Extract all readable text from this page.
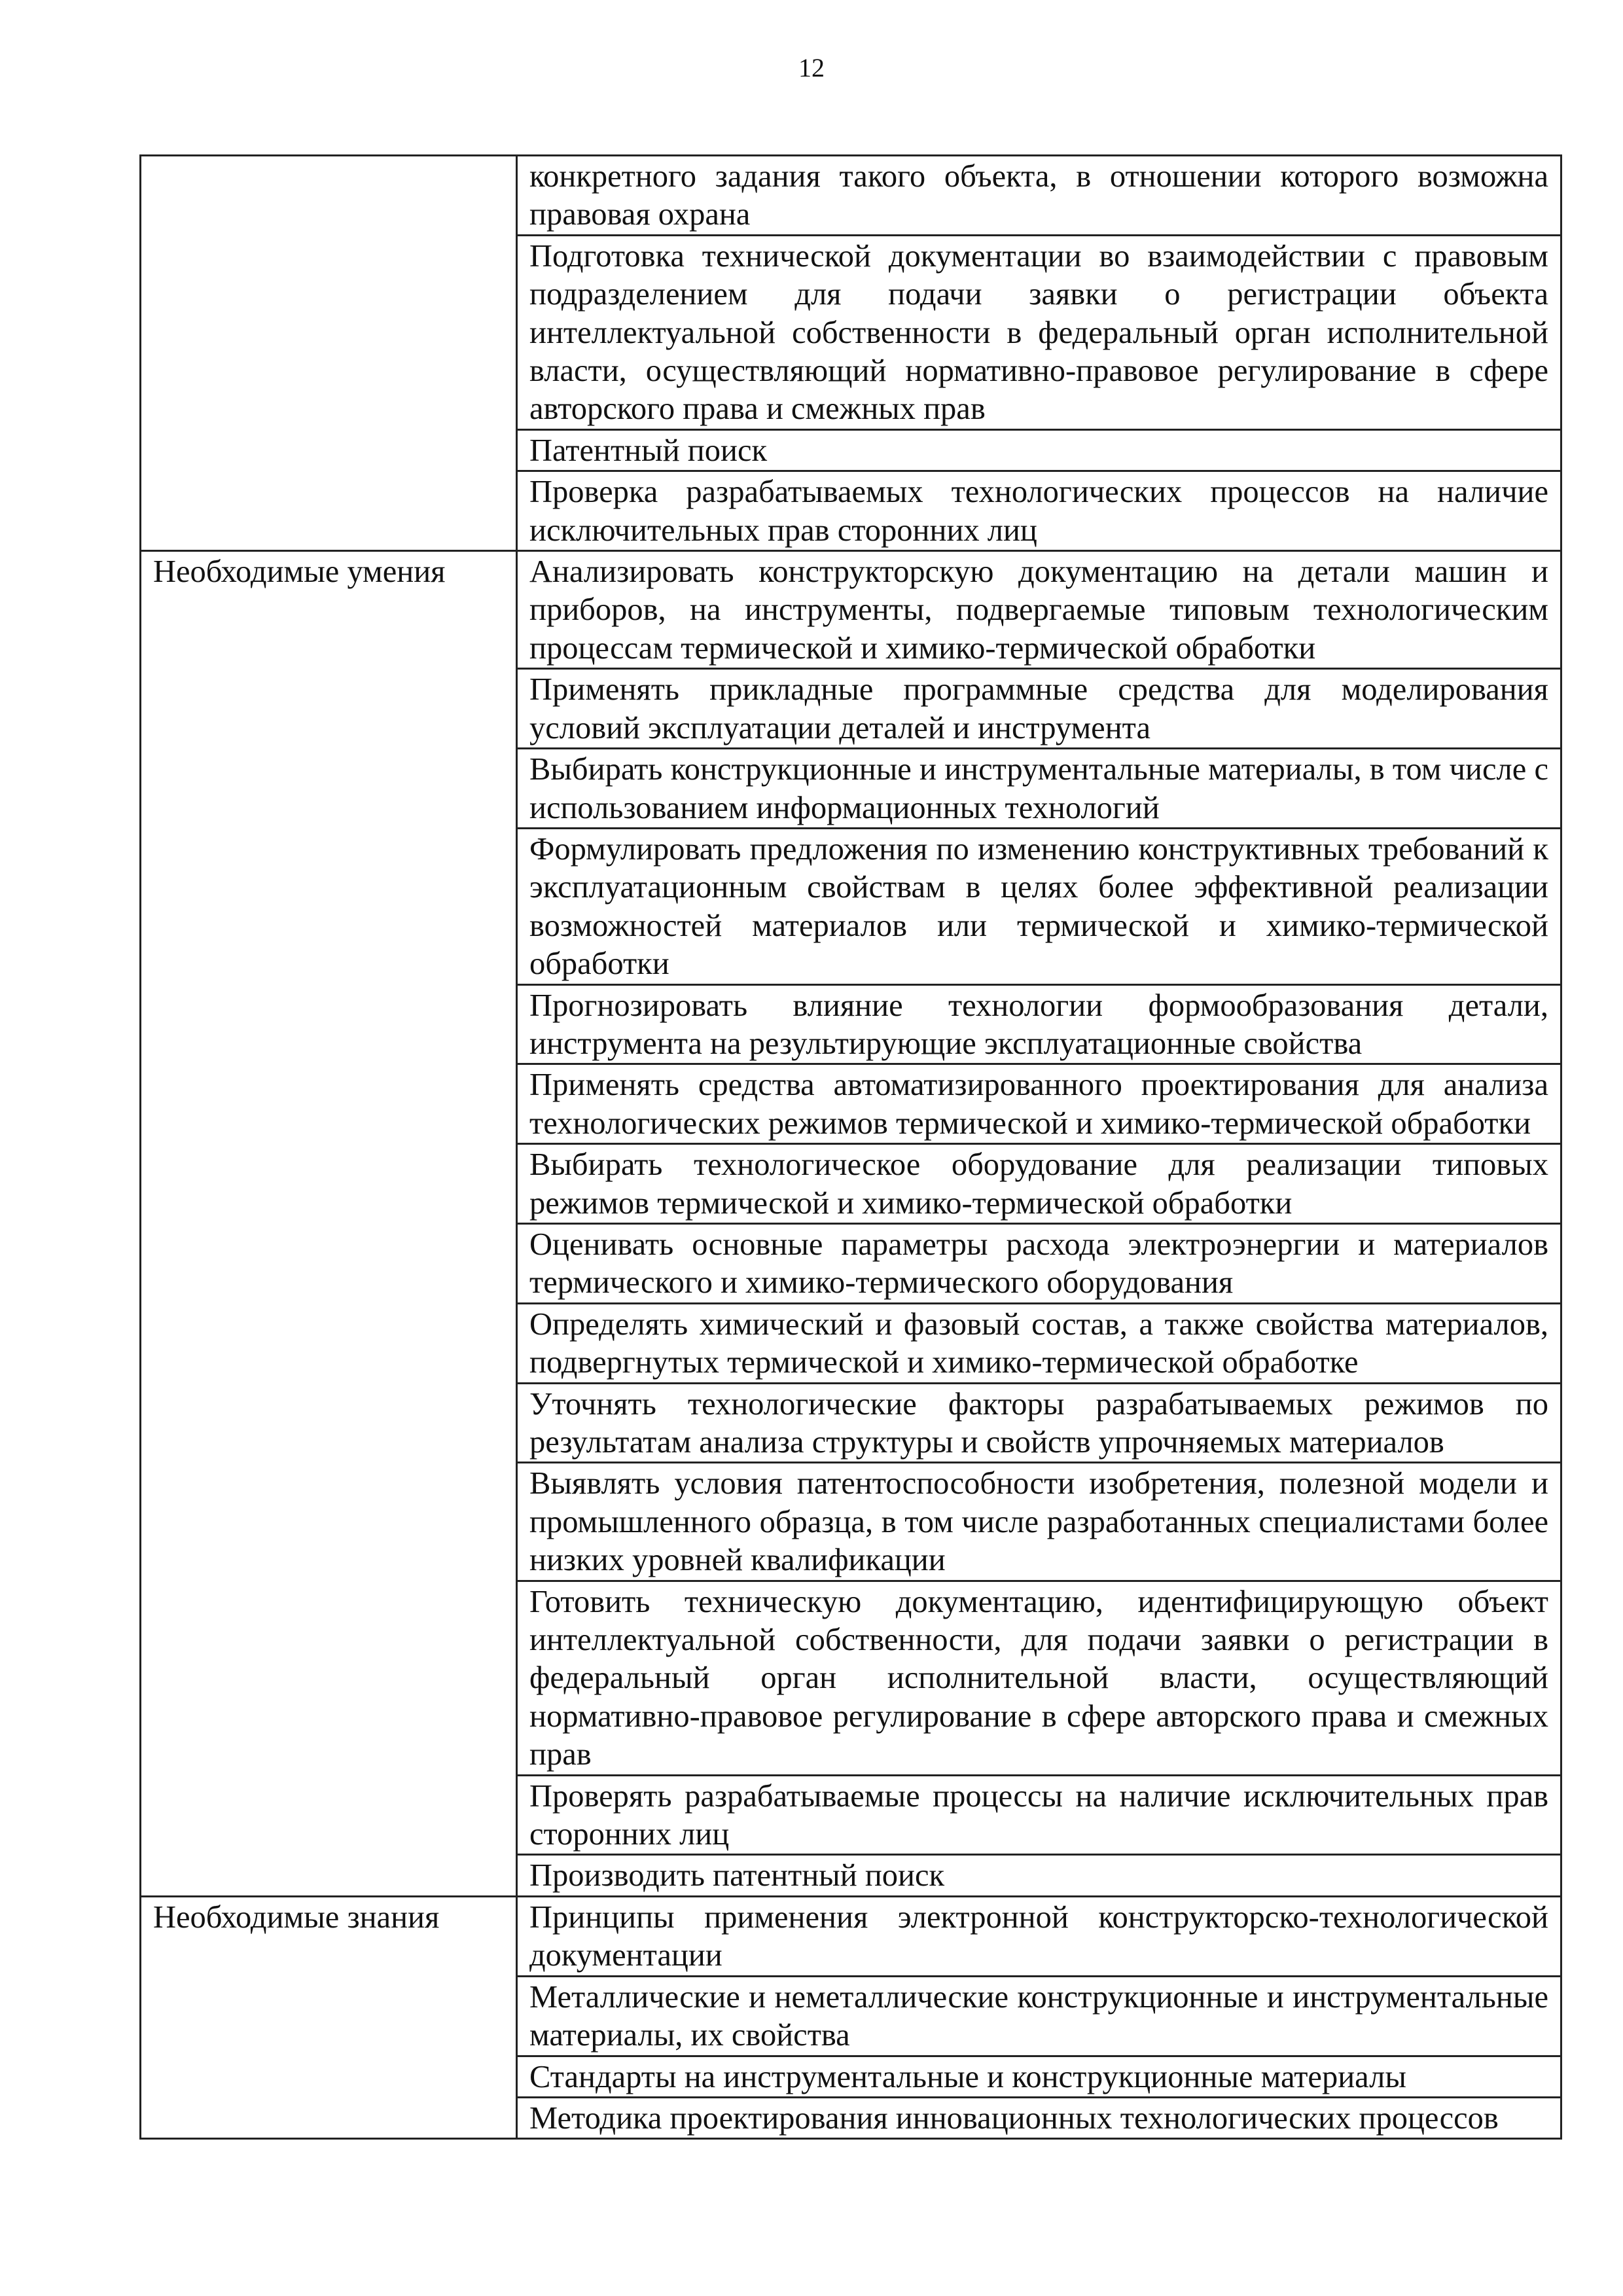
12
	конкретного задания такого объекта, в отношении которого возможна правовая охрана
	Подготовка технической документации во взаимодействии с правовым подразделением для подачи заявки о регистрации объекта интеллектуальной собственности в федеральный орган исполнительной власти, осуществляющий нормативно-правовое регулирование в сфере авторского права и смежных прав
	Патентный поиск
	Проверка разрабатываемых технологических процессов на наличие исключительных прав сторонних лиц
Необходимые умения	Анализировать конструкторскую документацию на детали машин и приборов, на инструменты, подвергаемые типовым технологическим процессам термической и химико-термической обработки
	Применять прикладные программные средства для моделирования условий эксплуатации деталей и инструмента
	Выбирать конструкционные и инструментальные материалы, в том числе с использованием информационных технологий
	Формулировать предложения по изменению конструктивных требований к эксплуатационным свойствам в целях более эффективной реализации возможностей материалов или термической и химико-термической обработки
	Прогнозировать влияние технологии формообразования детали, инструмента на результирующие эксплуатационные свойства
	Применять средства автоматизированного проектирования для анализа технологических режимов термической и химико-термической обработки
	Выбирать технологическое оборудование для реализации типовых режимов термической и химико-термической обработки
	Оценивать основные параметры расхода электроэнергии и материалов термического и химико-термического оборудования
	Определять химический и фазовый состав, а также свойства материалов, подвергнутых термической и химико-термической обработке
	Уточнять технологические факторы разрабатываемых режимов по результатам анализа структуры и свойств упрочняемых материалов
	Выявлять условия патентоспособности изобретения, полезной модели и промышленного образца, в том числе разработанных специалистами более низких уровней квалификации
	Готовить техническую документацию, идентифицирующую объект интеллектуальной собственности, для подачи заявки о регистрации в федеральный орган исполнительной власти, осуществляющий нормативно-правовое регулирование в сфере авторского права и смежных прав
	Проверять разрабатываемые процессы на наличие исключительных прав сторонних лиц
	Производить патентный поиск
Необходимые знания	Принципы применения электронной конструкторско-технологической документации
	Металлические и неметаллические конструкционные и инструментальные материалы, их свойства
	Стандарты на инструментальные и конструкционные материалы
	Методика проектирования инновационных технологических процессов
